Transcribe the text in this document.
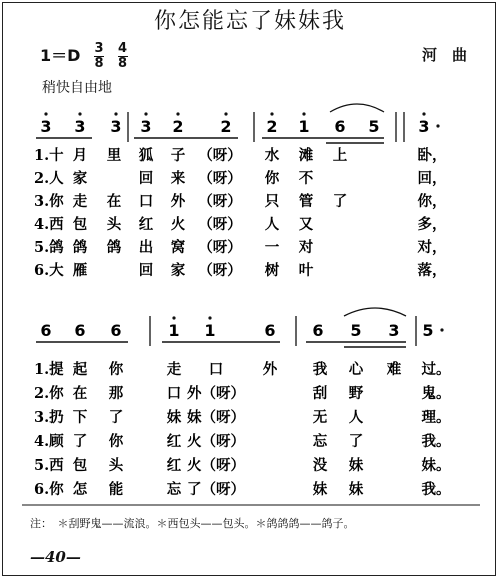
你怎能忘了妹妹我
$1=D \frac{3}{8}$
$\frac{4}{8}$	河　曲
稍快自由地
3 3 3 3 2 2 2 1 6 5 3
1.十 月 里 狐 子 （呀） 水 滩 上	卧，
2.人 家	回 来 （呀） 你 不	回，
3.你 走 在 口 外 （呀） 只 管 了	你，
4.西 包 头 红 火 （呀） 人 又	多，
5.鸽 鸽 鸽 出 窝 （呀） 一 对	对，
6.大 雁	回 家 （呀） 树 叶	落，
6 6 6	1 1	6 6 5 3 5
1.提 起 你	走 口	外 我 心 难 过。
2.你 在 那	口 外（呀）	刮 野	鬼。
3.扔 下 了	妹 妹（呀）	无 人	理。
4.顾 了 你	红 火（呀）	忘 了	我。
5.西 包 头	红 火（呀）	没 妹	妹。
6.你 怎 能	忘 了（呀）	妹 妹	我。
注：　＊刮野鬼——流浪。＊西包头——包头。＊鸽鸽鸽——鸽子。
—40—
